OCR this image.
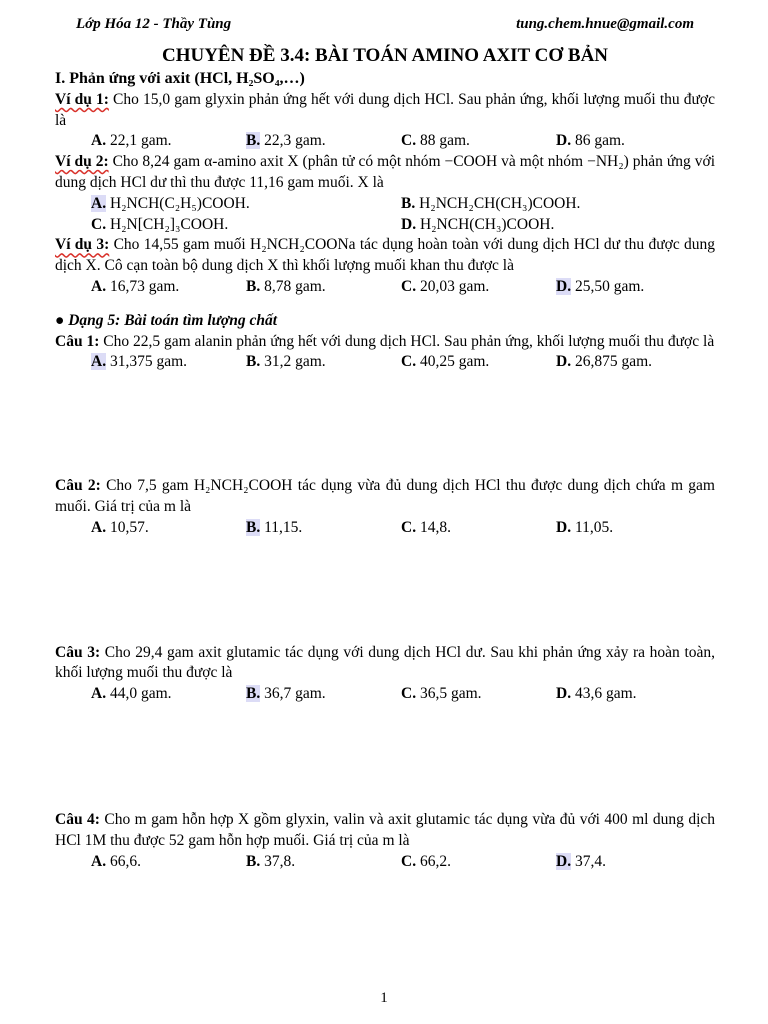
Lớp Hóa 12 - Thầy Tùng	tung.chem.hnue@gmail.com
CHUYÊN ĐỀ 3.4: BÀI TOÁN AMINO AXIT CƠ BẢN
I. Phản ứng với axit (HCl, H₂SO₄,…)
Ví dụ 1: Cho 15,0 gam glyxin phản ứng hết với dung dịch HCl. Sau phản ứng, khối lượng muối thu được là
A. 22,1 gam.	B. 22,3 gam.	C. 88 gam.	D. 86 gam.
Ví dụ 2: Cho 8,24 gam α-amino axit X (phân tử có một nhóm −COOH và một nhóm −NH₂) phản ứng với dung dịch HCl dư thì thu được 11,16 gam muối. X là
A. H₂NCH(C₂H₅)COOH.	B. H₂NCH₂CH(CH₃)COOH.
C. H₂N[CH₂]₃COOH.	D. H₂NCH(CH₃)COOH.
Ví dụ 3: Cho 14,55 gam muối H₂NCH₂COONa tác dụng hoàn toàn với dung dịch HCl dư thu được dung dịch X. Cô cạn toàn bộ dung dịch X thì khối lượng muối khan thu được là
A. 16,73 gam.	B. 8,78 gam.	C. 20,03 gam.	D. 25,50 gam.
● Dạng 5: Bài toán tìm lượng chất
Câu 1: Cho 22,5 gam alanin phản ứng hết với dung dịch HCl. Sau phản ứng, khối lượng muối thu được là
A. 31,375 gam.	B. 31,2 gam.	C. 40,25 gam.	D. 26,875 gam.
Câu 2: Cho 7,5 gam H₂NCH₂COOH tác dụng vừa đủ dung dịch HCl thu được dung dịch chứa m gam muối. Giá trị của m là
A. 10,57.	B. 11,15.	C. 14,8.	D. 11,05.
Câu 3: Cho 29,4 gam axit glutamic tác dụng với dung dịch HCl dư. Sau khi phản ứng xảy ra hoàn toàn, khối lượng muối thu được là
A. 44,0 gam.	B. 36,7 gam.	C. 36,5 gam.	D. 43,6 gam.
Câu 4: Cho m gam hỗn hợp X gồm glyxin, valin và axit glutamic tác dụng vừa đủ với 400 ml dung dịch HCl 1M thu được 52 gam hỗn hợp muối. Giá trị của m là
A. 66,6.	B. 37,8.	C. 66,2.	D. 37,4.
1
